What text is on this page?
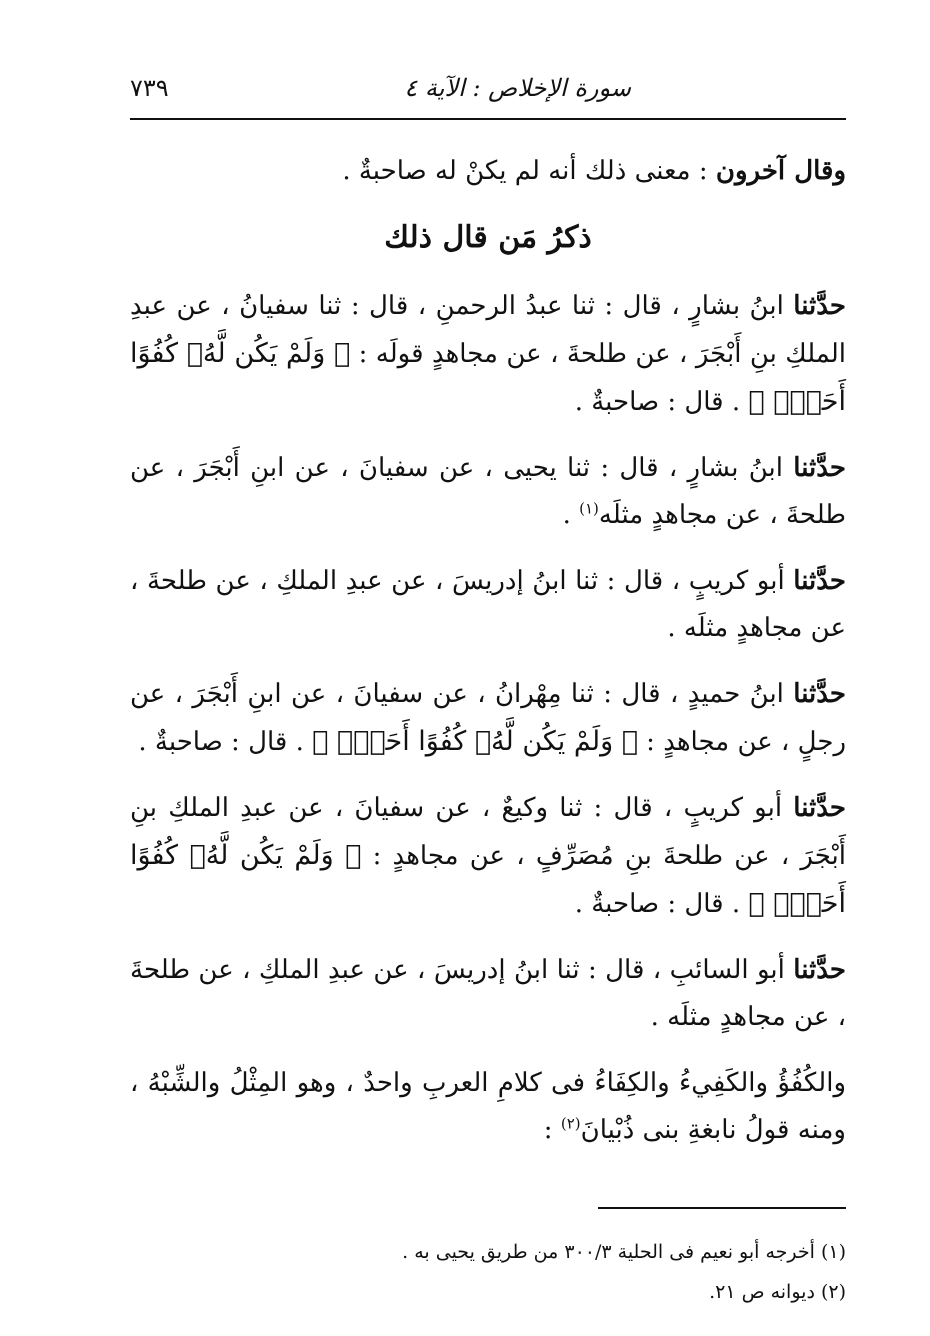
سورة الإخلاص : الآية ٤
٧٣٩

وقال آخرون : معنى ذلك أنه لم يكنْ له صاحبةٌ .

ذكرُ مَن قال ذلك

حدَّثنا ابنُ بشارٍ ، قال : ثنا عبدُ الرحمنِ ، قال : ثنا سفيانُ ، عن عبدِ الملكِ بنِ أَبْجَرَ ، عن طلحةَ ، عن مجاهدٍ قولَه : ﴿ وَلَمْ يَكُن لَّهُۥ كُفُوًا أَحَدٌۢ ﴾ . قال : صاحبةٌ .

حدَّثنا ابنُ بشارٍ ، قال : ثنا يحيى ، عن سفيانَ ، عن ابنِ أَبْجَرَ ، عن طلحةَ ، عن مجاهدٍ مثلَه$^{(١)}$ .

حدَّثنا أبو كريبٍ ، قال : ثنا ابنُ إدريسَ ، عن عبدِ الملكِ ، عن طلحةَ ، عن مجاهدٍ مثلَه .

حدَّثنا ابنُ حميدٍ ، قال : ثنا مِهْرانُ ، عن سفيانَ ، عن ابنِ أَبْجَرَ ، عن رجلٍ ، عن مجاهدٍ : ﴿ وَلَمْ يَكُن لَّهُۥ كُفُوًا أَحَدٌۢ ﴾ . قال : صاحبةٌ .

حدَّثنا أبو كريبٍ ، قال : ثنا وكيعٌ ، عن سفيانَ ، عن عبدِ الملكِ بنِ أَبْجَرَ ، عن طلحةَ بنِ مُصَرِّفٍ ، عن مجاهدٍ : ﴿ وَلَمْ يَكُن لَّهُۥ كُفُوًا أَحَدٌۢ ﴾ . قال : صاحبةٌ .

حدَّثنا أبو السائبِ ، قال : ثنا ابنُ إدريسَ ، عن عبدِ الملكِ ، عن طلحةَ ، عن مجاهدٍ مثلَه .

والكُفُؤُ والكَفِيءُ والكِفَاءُ فى كلامِ العربِ واحدٌ ، وهو المِثْلُ والشِّبْهُ ، ومنه قولُ نابغةِ بنى ذُبْيانَ$^{(٢)}$ :

(١) أخرجه أبو نعيم فى الحلية ٣٠٠/٣ من طريق يحيى به .

(٢) ديوانه ص ٢١.
